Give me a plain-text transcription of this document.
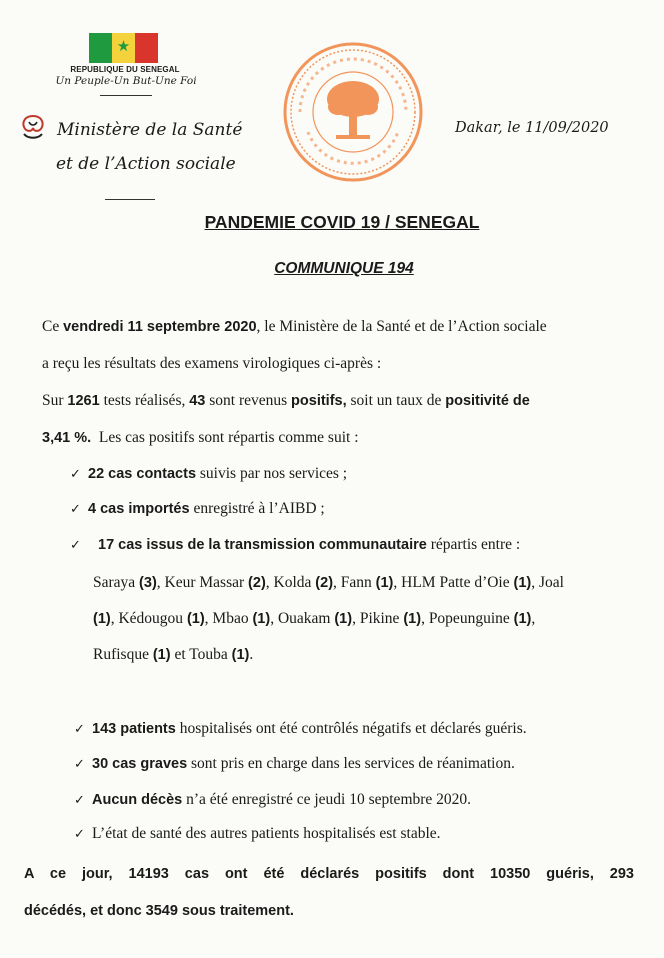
★
REPUBLIQUE DU SENEGAL
Un Peuple-Un But-Une Foi
Ministère de la Santé
et de l’Action sociale
Dakar, le 11/09/2020
PANDEMIE COVID 19 / SENEGAL
COMMUNIQUE 194
Ce vendredi 11 septembre 2020, le Ministère de la Santé et de l’Action sociale
a reçu les résultats des examens virologiques ci-après :
Sur 1261 tests réalisés, 43 sont revenus positifs, soit un taux de positivité de
3,41 %.  Les cas positifs sont répartis comme suit :
✓ 22 cas contacts suivis par nos services ;
✓ 4 cas importés enregistré à l’AIBD ;
✓ 17 cas issus de la transmission communautaire répartis entre :
Saraya (3), Keur Massar (2), Kolda (2), Fann (1), HLM Patte d’Oie (1), Joal
(1), Kédougou (1), Mbao (1), Ouakam (1), Pikine (1), Popeunguine (1),
Rufisque (1) et Touba (1).
✓ 143 patients hospitalisés ont été contrôlés négatifs et déclarés guéris.
✓ 30 cas graves sont pris en charge dans les services de réanimation.
✓ Aucun décès n’a été enregistré ce jeudi 10 septembre 2020.
✓ L’état de santé des autres patients hospitalisés est stable.
A ce jour, 14193 cas ont été déclarés positifs dont 10350 guéris, 293
décédés, et donc 3549 sous traitement.
